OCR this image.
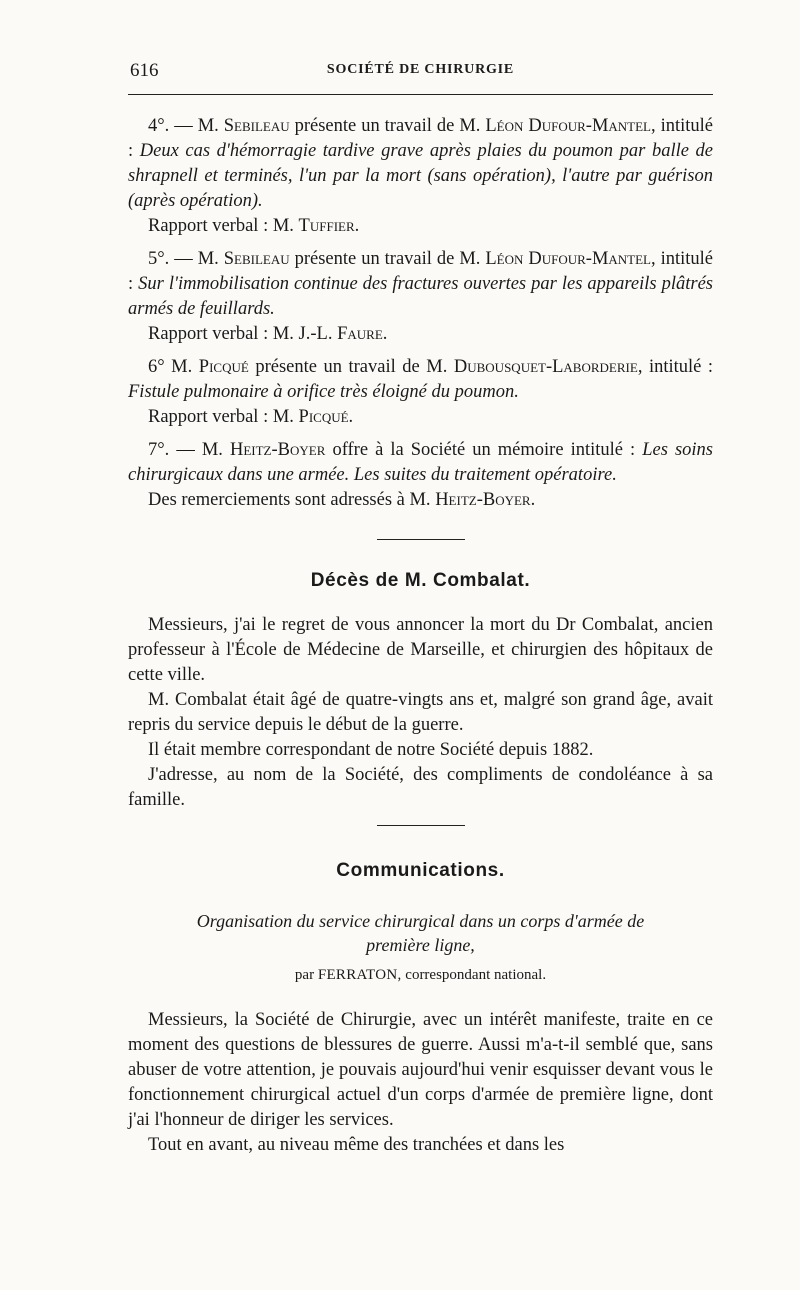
616	SOCIÉTÉ DE CHIRURGIE

4°. — M. Sebileau présente un travail de M. Léon Dufour-Mantel, intitulé : Deux cas d'hémorragie tardive grave après plaies du poumon par balle de shrapnell et terminés, l'un par la mort (sans opération), l'autre par guérison (après opération).

Rapport verbal : M. Tuffier.

5°. — M. Sebileau présente un travail de M. Léon Dufour-Mantel, intitulé : Sur l'immobilisation continue des fractures ouvertes par les appareils plâtrés armés de feuillards.

Rapport verbal : M. J.-L. Faure.

6° M. Picqué présente un travail de M. Dubousquet-Laborderie, intitulé : Fistule pulmonaire à orifice très éloigné du poumon.

Rapport verbal : M. Picqué.

7°. — M. Heitz-Boyer offre à la Société un mémoire intitulé : Les soins chirurgicaux dans une armée. Les suites du traitement opératoire.

Des remerciements sont adressés à M. Heitz-Boyer.

Décès de M. Combalat.

Messieurs, j'ai le regret de vous annoncer la mort du Dr Combalat, ancien professeur à l'École de Médecine de Marseille, et chirurgien des hôpitaux de cette ville.

M. Combalat était âgé de quatre-vingts ans et, malgré son grand âge, avait repris du service depuis le début de la guerre.

Il était membre correspondant de notre Société depuis 1882.

J'adresse, au nom de la Société, des compliments de condoléance à sa famille.

Communications.
Organisation du service chirurgical dans un corps d'armée de première ligne,
par FERRATON, correspondant national.

Messieurs, la Société de Chirurgie, avec un intérêt manifeste, traite en ce moment des questions de blessures de guerre. Aussi m'a-t-il semblé que, sans abuser de votre attention, je pouvais aujourd'hui venir esquisser devant vous le fonctionnement chirurgical actuel d'un corps d'armée de première ligne, dont j'ai l'honneur de diriger les services.

Tout en avant, au niveau même des tranchées et dans les
